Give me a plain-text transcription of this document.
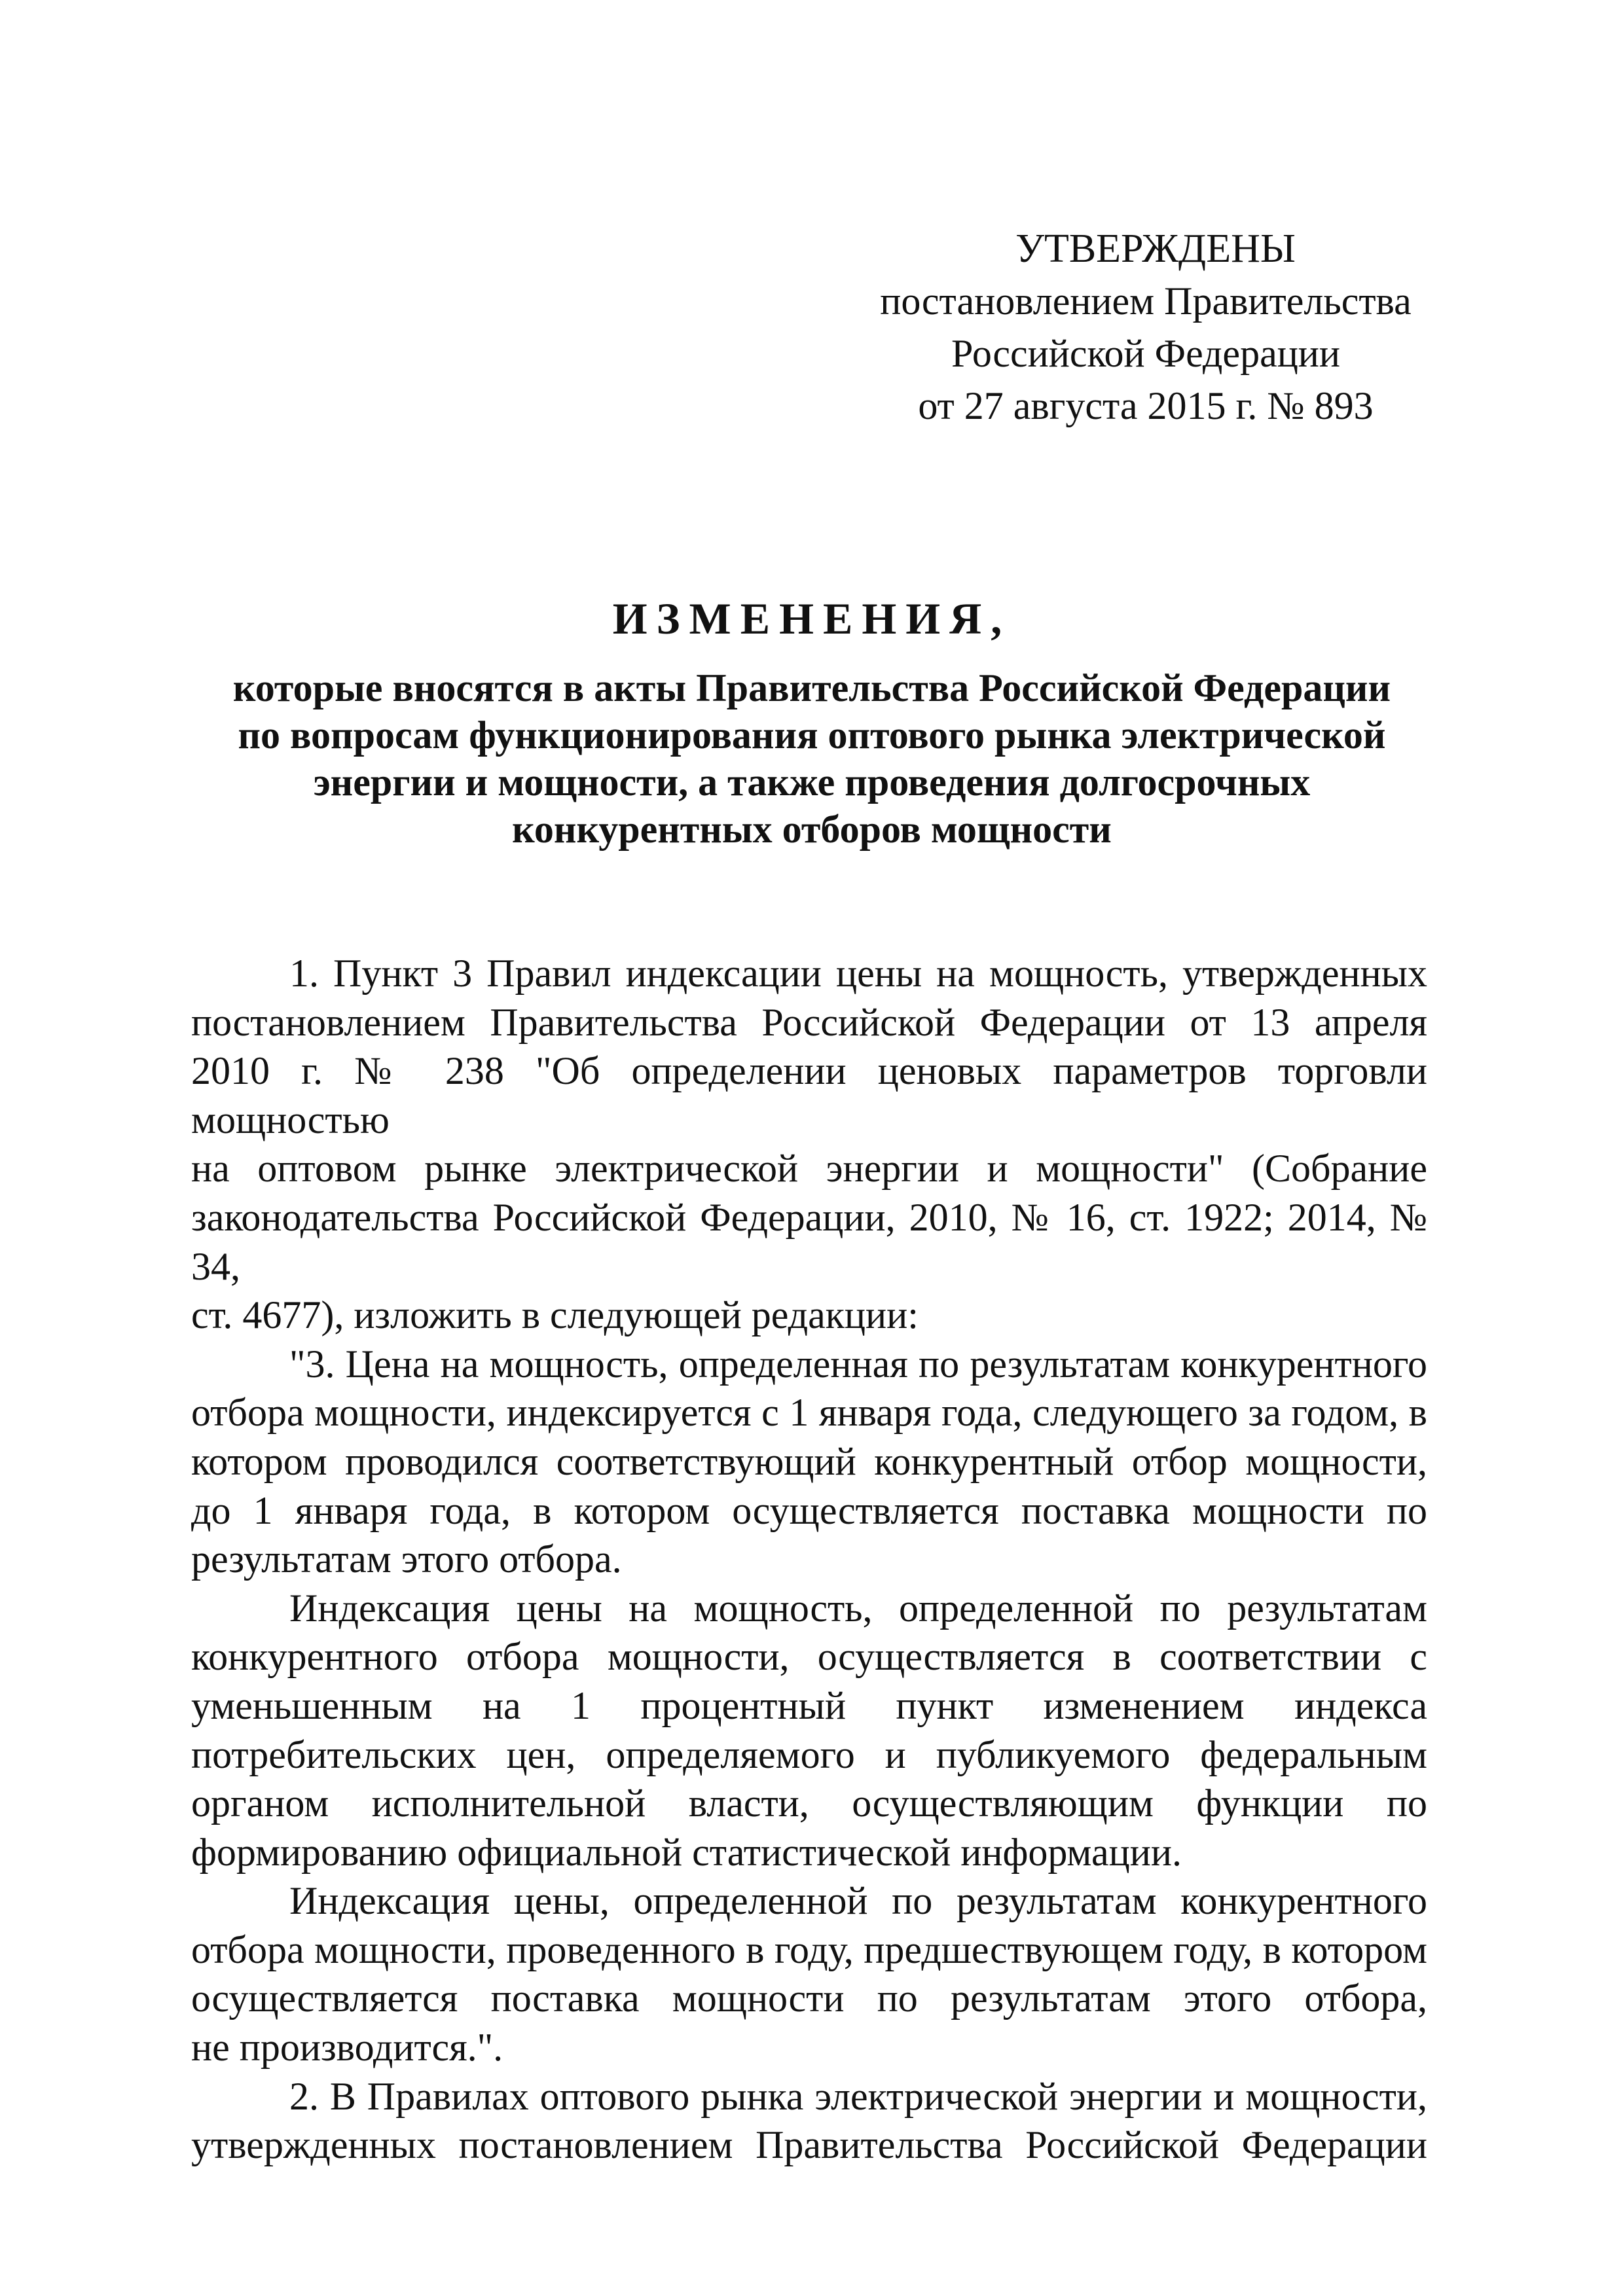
УТВЕРЖДЕНЫ
постановлением Правительства
Российской Федерации
от 27 августа 2015 г. № 893
ИЗМЕНЕНИЯ,
которые вносятся в акты Правительства Российской Федерации
по вопросам функционирования оптового рынка электрической
энергии и мощности, а также проведения долгосрочных
конкурентных отборов мощности
1. Пункт 3 Правил индексации цены на мощность, утвержденных
постановлением Правительства Российской Федерации от 13 апреля
2010 г. № 238 "Об определении ценовых параметров торговли мощностью
на оптовом рынке электрической энергии и мощности" (Собрание
законодательства Российской Федерации, 2010, № 16, ст. 1922; 2014, № 34,
ст. 4677), изложить в следующей редакции:
"3. Цена на мощность, определенная по результатам конкурентного
отбора мощности, индексируется с 1 января года, следующего за годом, в
котором проводился соответствующий конкурентный отбор мощности,
до 1 января года, в котором осуществляется поставка мощности по
результатам этого отбора.
Индексация цены на мощность, определенной по результатам
конкурентного отбора мощности, осуществляется в соответствии с
уменьшенным на 1 процентный пункт изменением индекса
потребительских цен, определяемого и публикуемого федеральным
органом исполнительной власти, осуществляющим функции по
формированию официальной статистической информации.
Индексация цены, определенной по результатам конкурентного
отбора мощности, проведенного в году, предшествующем году, в котором
осуществляется поставка мощности по результатам этого отбора,
не производится.".
2. В Правилах оптового рынка электрической энергии и мощности,
утвержденных постановлением Правительства Российской Федерации
